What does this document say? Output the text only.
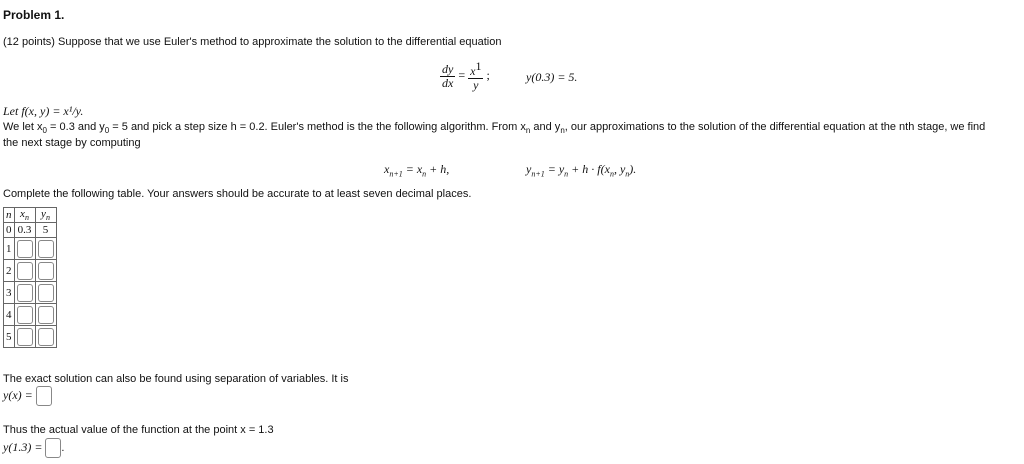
Problem 1.
(12 points) Suppose that we use Euler's method to approximate the solution to the differential equation
$\frac{dy}{dx} = \frac{x^1}{y}$ ;	y(0.3) = 5.
Let f(x, y) = x¹/y.
We let $x_0 = 0.3$ and $y_0 = 5$ and pick a step size h = 0.2. Euler's method is the the following algorithm. From $x_n$ and $y_n$, our approximations to the solution of the differential equation at the nth stage, we find
the next stage by computing
$x_{n+1} = x_n + h$,	$y_{n+1} = y_n + h \cdot f(x_n$, $y_n$).
Complete the following table. Your answers should be accurate to at least seven decimal places.
n	$x_n$	$y_n$
0	0.3	5
1		
2		
3		
4		
5		
The exact solution can also be found using separation of variables. It is
y(x) =
Thus the actual value of the function at the point x = 1.3
y(1.3) = .
